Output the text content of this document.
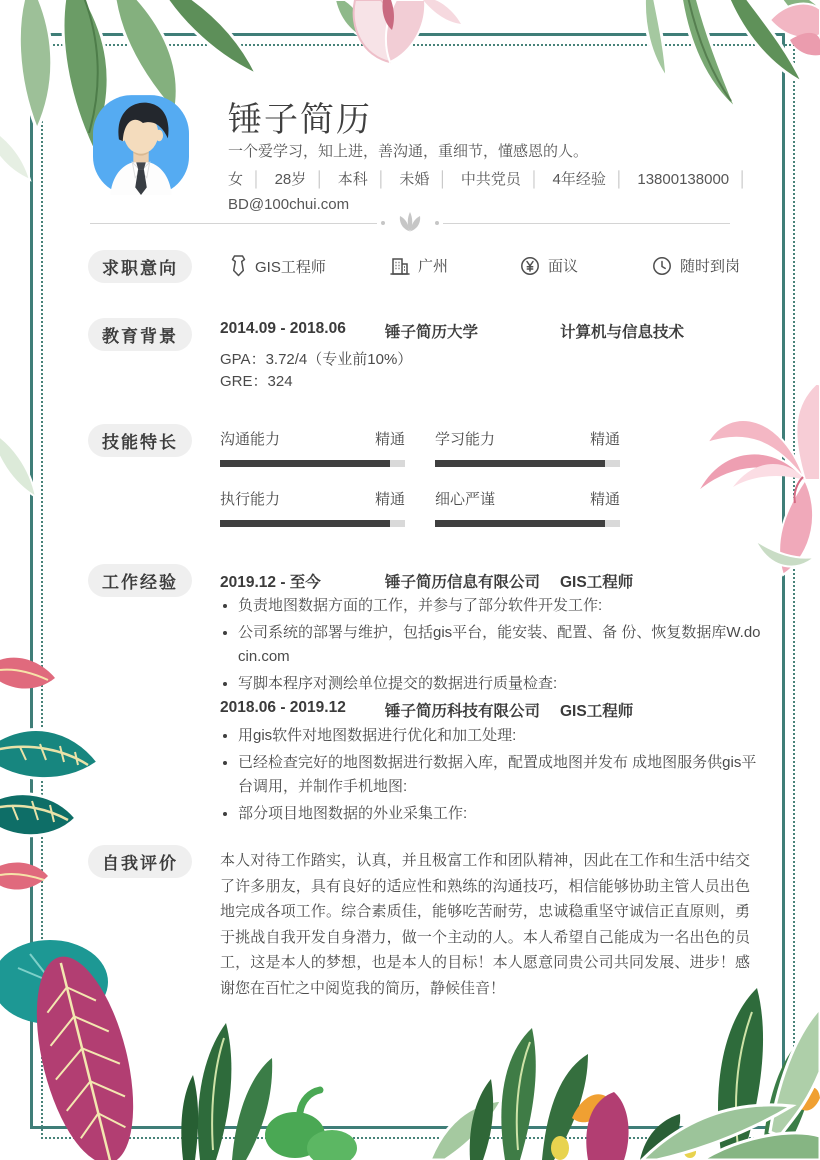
锤子简历
一个爱学习，知上进，善沟通，重细节，懂感恩的人。
女 │ 28岁 │ 本科 │ 未婚 │ 中共党员 │ 4年经验 │ 13800138000 │
BD@100chui.com
求职意向	GIS工程师	广州	面议	随时到岗
教育背景	2014.09 - 2018.06	锤子简历大学	计算机与信息技术
GPA：3.72/4（专业前10%）
GRE：324
技能特长	沟通能力	精通 学习能力	精通
执行能力	精通 细心严谨	精通
工作经验	2019.12 - 至今	锤子简历信息有限公司	GIS工程师
• 负责地图数据方面的工作，并参与了部分软件开发工作:
• 公司系统的部署与维护，包括gis平台，能安装、配置、备 份、恢复数据库W.docin.com
• 写脚本程序对测绘单位提交的数据进行质量检查:
2018.06 - 2019.12	锤子简历科技有限公司	GIS工程师
• 用gis软件对地图数据进行优化和加工处理:
• 已经检查完好的地图数据进行数据入库，配置成地图并发布 成地图服务供gis平台调用，并制作手机地图:
• 部分项目地图数据的外业采集工作:
自我评价	本人对待工作踏实，认真，并且极富工作和团队精神，因此在工作和生活中结交了许多朋友，具有良好的适应性和熟练的沟通技巧，相信能够协助主管人员出色地完成各项工作。综合素质佳，能够吃苦耐劳，忠诚稳重坚守诚信正直原则，勇于挑战自我开发自身潜力，做一个主动的人。本人希望自己能成为一名出色的员工，这是本人的梦想，也是本人的目标！本人愿意同贵公司共同发展、进步！感谢您在百忙之中阅览我的简历，静候佳音！
